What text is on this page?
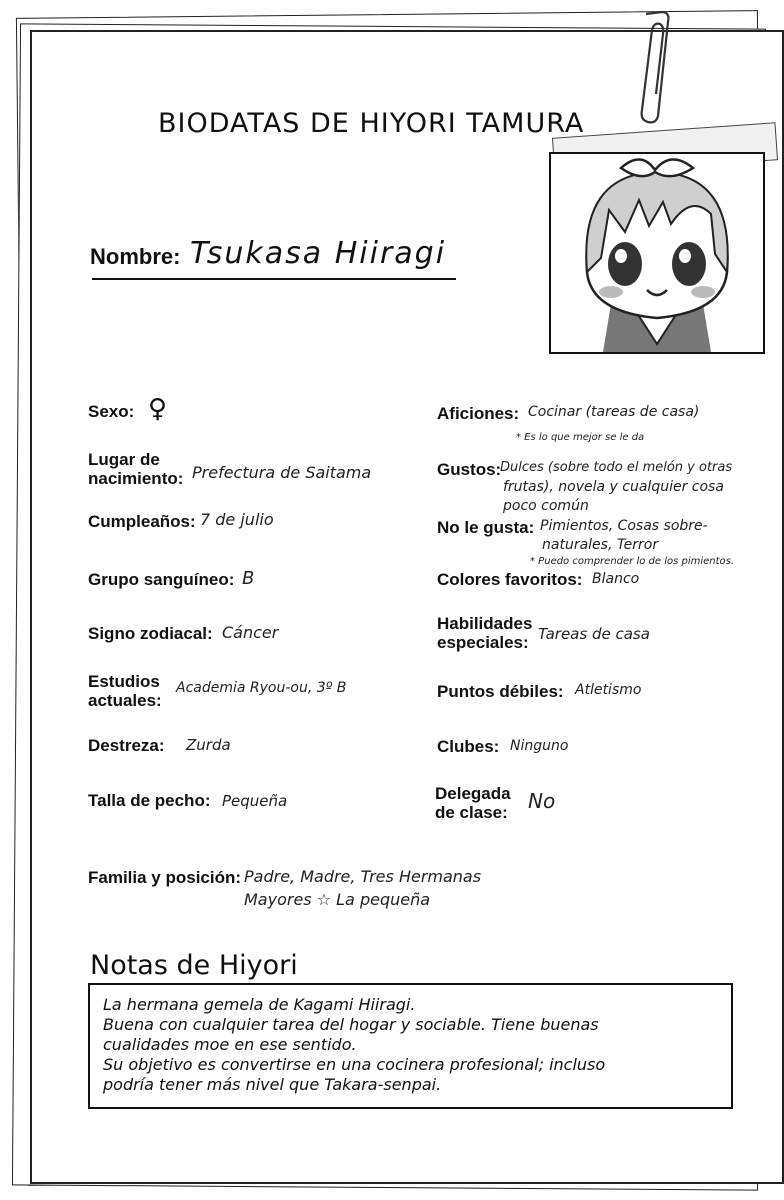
BIODATAS DE HIYORI TAMURA
Nombre: Tsukasa Hiiragi
Sexo: ♀
Lugar de nacimiento: Prefectura de Saitama
Cumpleaños: 7 de julio
Grupo sanguíneo: B
Signo zodiacal: Cáncer
Estudios actuales:
Academia Ryou-ou, 3º B
Destreza: Zurda
Talla de pecho: Pequeña
Aficiones: Cocinar (tareas de casa)
* Es lo que mejor se le da
Gustos:
Dulces (sobre todo el melón y otras
frutas), novela y cualquier cosa
poco común
No le gusta: Pimientos, Cosas sobre-
naturales, Terror
* Puedo comprender lo de los pimientos.
Colores favoritos: Blanco
Habilidades especiales: Tareas de casa
Puntos débiles: Atletismo
Clubes: Ninguno
Delegada de clase:	No
Familia y posición: Padre, Madre, Tres Hermanas
Mayores ☆ La pequeña
Notas de Hiyori
La hermana gemela de Kagami Hiiragi.
Buena con cualquier tarea del hogar y sociable. Tiene buenas
cualidades moe en ese sentido.
Su objetivo es convertirse en una cocinera profesional; incluso
podría tener más nivel que Takara-senpai.
